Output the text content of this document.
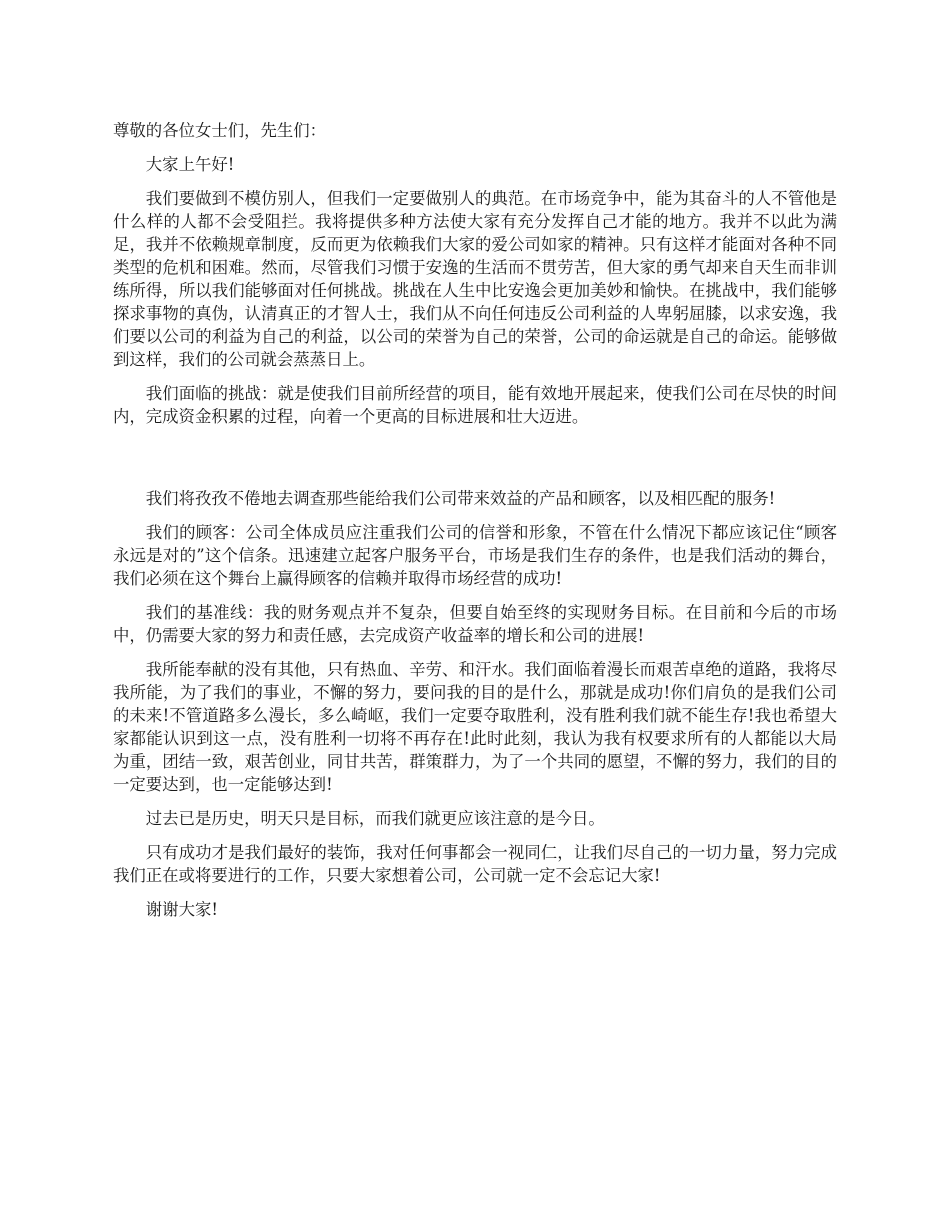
尊敬的各位女士们，先生们：

大家上午好!

我们要做到不模仿别人，但我们一定要做别人的典范。在市场竞争中，能为其奋斗的人不管他是什么样的人都不会受阻拦。我将提供多种方法使大家有充分发挥自己才能的地方。我并不以此为满足，我并不依赖规章制度，反而更为依赖我们大家的爱公司如家的精神。只有这样才能面对各种不同类型的危机和困难。然而，尽管我们习惯于安逸的生活而不贯劳苦，但大家的勇气却来自天生而非训练所得，所以我们能够面对任何挑战。挑战在人生中比安逸会更加美妙和愉快。在挑战中，我们能够探求事物的真伪，认清真正的才智人士，我们从不向任何违反公司利益的人卑躬屈膝，以求安逸，我们要以公司的利益为自己的利益，以公司的荣誉为自己的荣誉，公司的命运就是自己的命运。能够做到这样，我们的公司就会蒸蒸日上。

我们面临的挑战：就是使我们目前所经营的项目，能有效地开展起来，使我们公司在尽快的时间内，完成资金积累的过程，向着一个更高的目标进展和壮大迈进。

我们将孜孜不倦地去调查那些能给我们公司带来效益的产品和顾客，以及相匹配的服务!

我们的顾客：公司全体成员应注重我们公司的信誉和形象，不管在什么情况下都应该记住“顾客永远是对的”这个信条。迅速建立起客户服务平台，市场是我们生存的条件，也是我们活动的舞台，我们必须在这个舞台上赢得顾客的信赖并取得市场经营的成功!

我们的基准线：我的财务观点并不复杂，但要自始至终的实现财务目标。在目前和今后的市场中，仍需要大家的努力和责任感，去完成资产收益率的增长和公司的进展!

我所能奉献的没有其他，只有热血、辛劳、和汗水。我们面临着漫长而艰苦卓绝的道路，我将尽我所能，为了我们的事业，不懈的努力，要问我的目的是什么，那就是成功!你们肩负的是我们公司的未来!不管道路多么漫长，多么崎岖，我们一定要夺取胜利，没有胜利我们就不能生存!我也希望大家都能认识到这一点，没有胜利一切将不再存在!此时此刻，我认为我有权要求所有的人都能以大局为重，团结一致，艰苦创业，同甘共苦，群策群力，为了一个共同的愿望，不懈的努力，我们的目的一定要达到，也一定能够达到!

过去已是历史，明天只是目标，而我们就更应该注意的是今日。

只有成功才是我们最好的装饰，我对任何事都会一视同仁，让我们尽自己的一切力量，努力完成我们正在或将要进行的工作，只要大家想着公司，公司就一定不会忘记大家!

谢谢大家!
